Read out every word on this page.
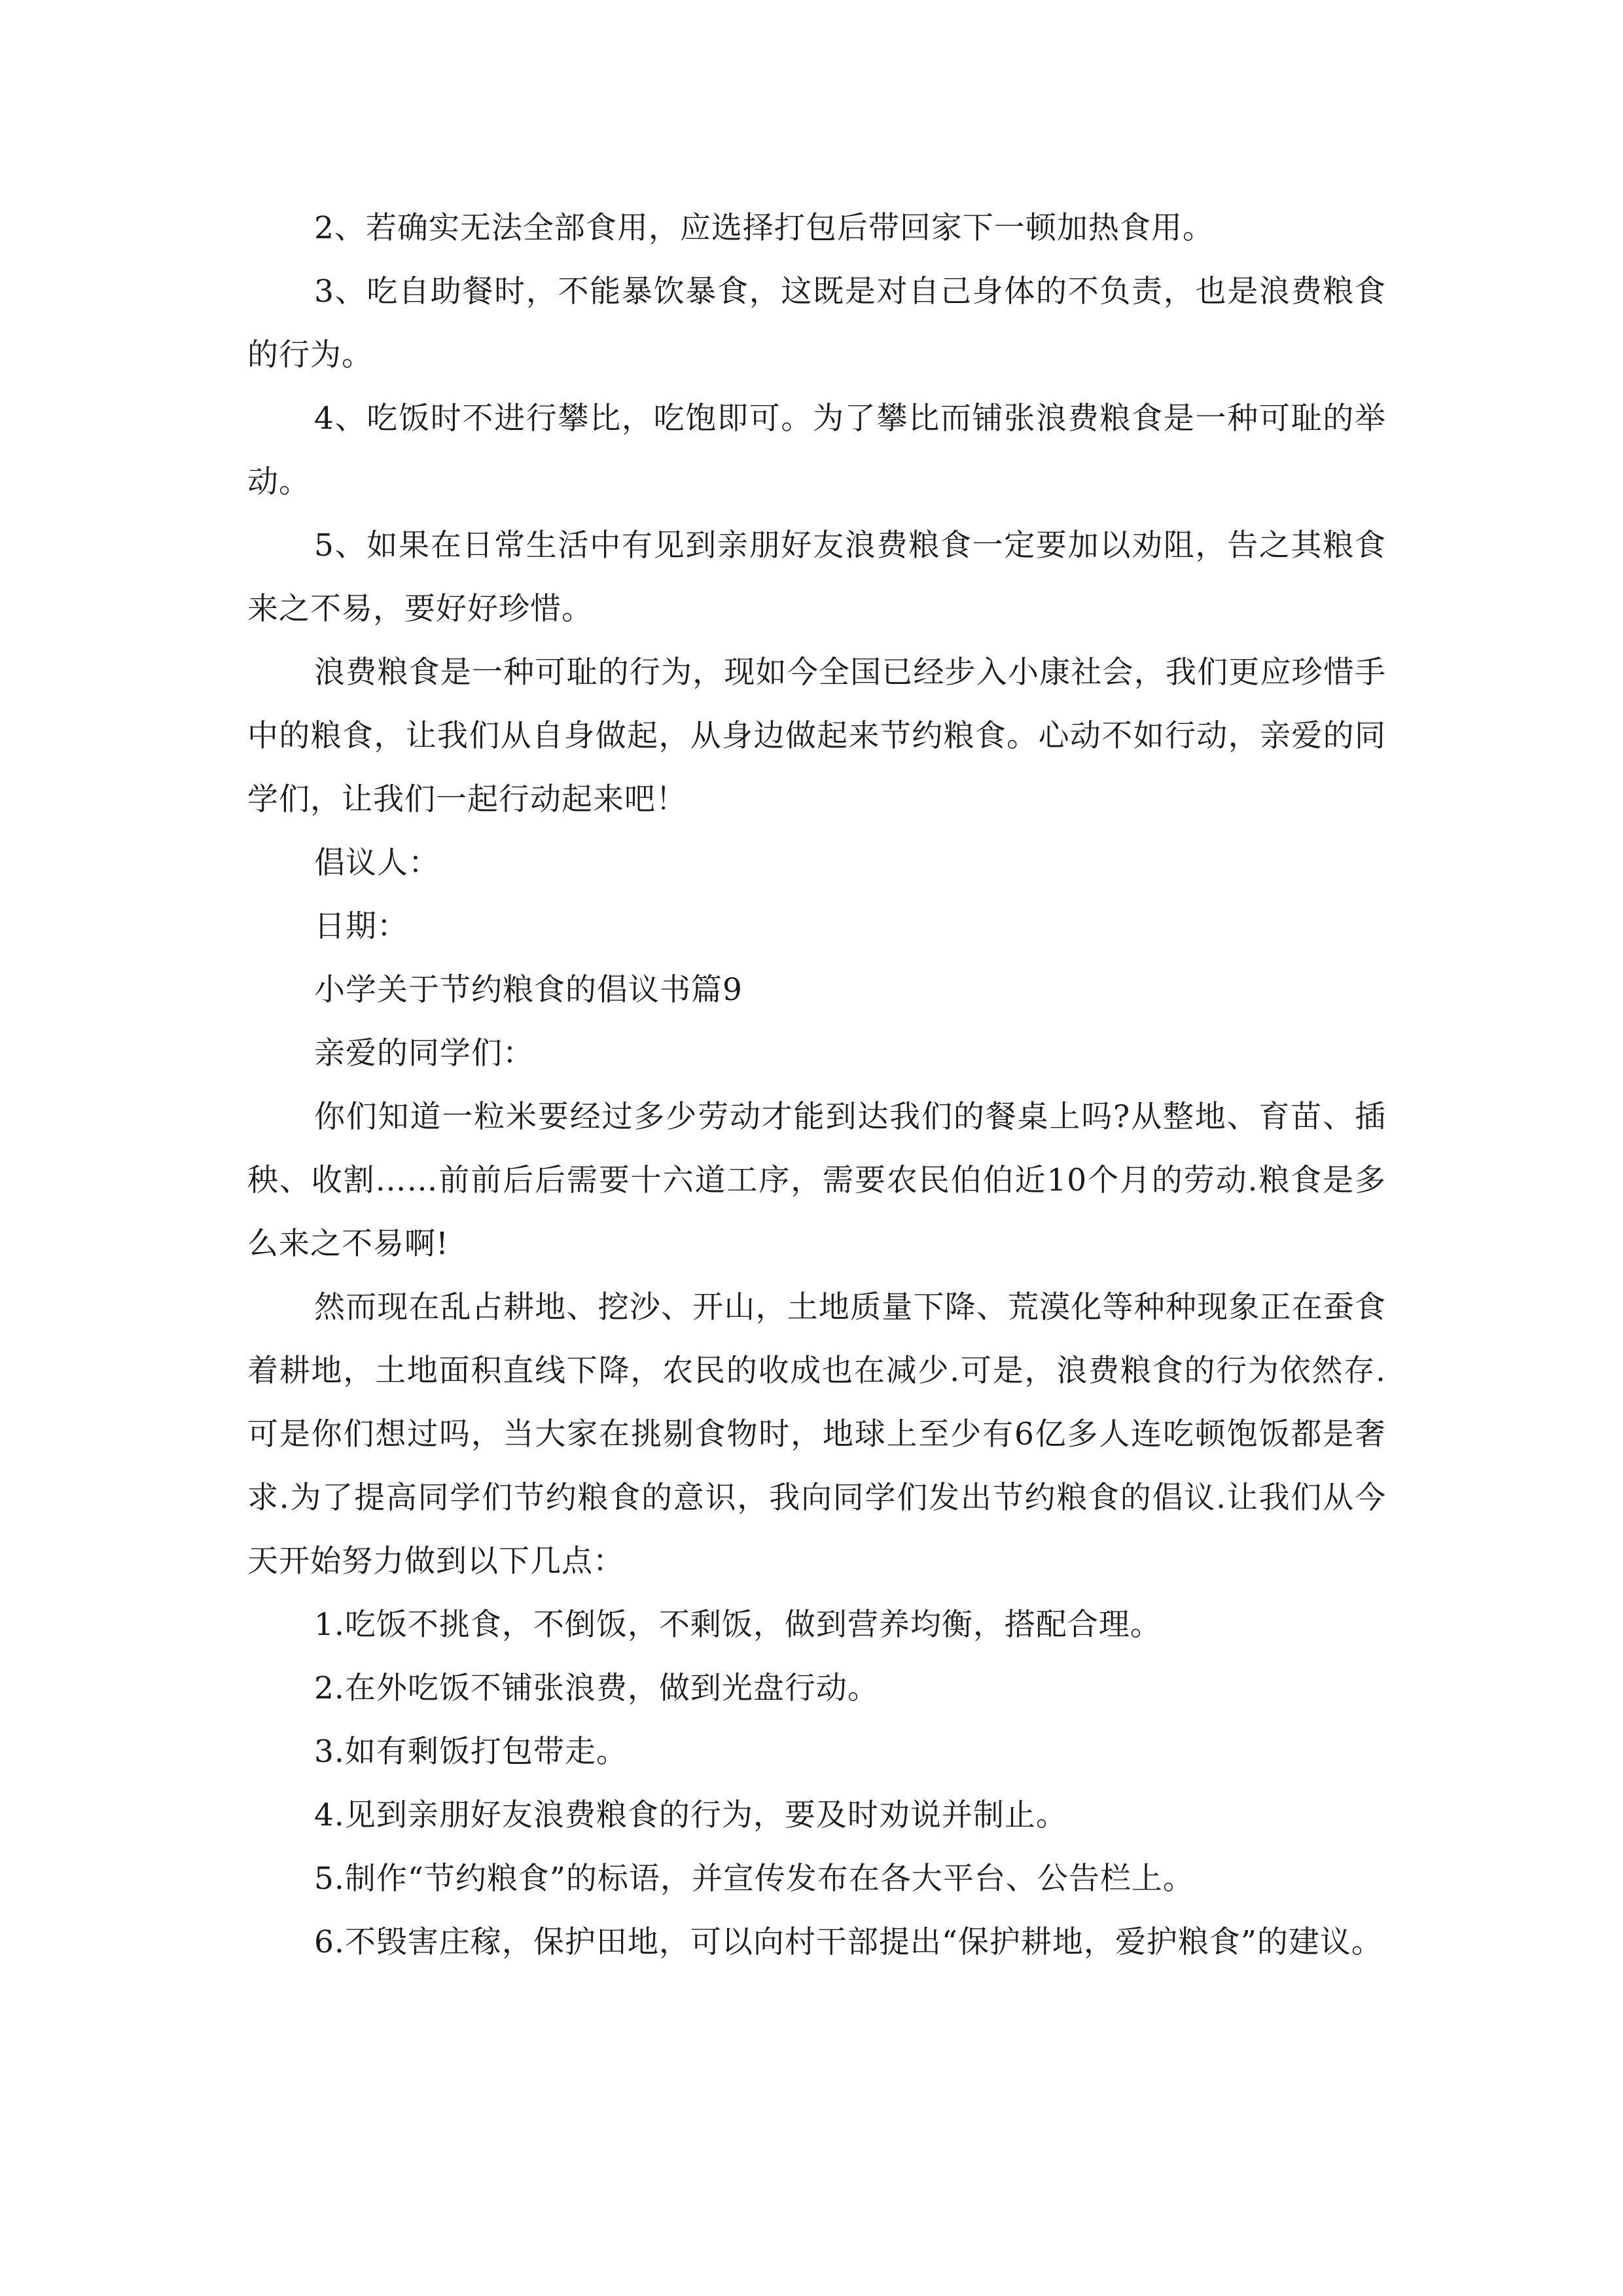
2、若确实无法全部食用，应选择打包后带回家下一顿加热食用。

3、吃自助餐时，不能暴饮暴食，这既是对自己身体的不负责，也是浪费粮食的行为。

4、吃饭时不进行攀比，吃饱即可。为了攀比而铺张浪费粮食是一种可耻的举动。

5、如果在日常生活中有见到亲朋好友浪费粮食一定要加以劝阻，告之其粮食来之不易，要好好珍惜。

浪费粮食是一种可耻的行为，现如今全国已经步入小康社会，我们更应珍惜手中的粮食，让我们从自身做起，从身边做起来节约粮食。心动不如行动，亲爱的同学们，让我们一起行动起来吧！

倡议人：

日期：

小学关于节约粮食的倡议书篇9

亲爱的同学们：

你们知道一粒米要经过多少劳动才能到达我们的餐桌上吗?从整地、育苗、插秧、收割……前前后后需要十六道工序，需要农民伯伯近10个月的劳动.粮食是多么来之不易啊!

然而现在乱占耕地、挖沙、开山，土地质量下降、荒漠化等种种现象正在蚕食着耕地，土地面积直线下降，农民的收成也在减少.可是，浪费粮食的行为依然存.可是你们想过吗，当大家在挑剔食物时，地球上至少有6亿多人连吃顿饱饭都是奢求.为了提高同学们节约粮食的意识，我向同学们发出节约粮食的倡议.让我们从今天开始努力做到以下几点：

1.吃饭不挑食，不倒饭，不剩饭，做到营养均衡，搭配合理。

2.在外吃饭不铺张浪费，做到光盘行动。

3.如有剩饭打包带走。

4.见到亲朋好友浪费粮食的行为，要及时劝说并制止。

5.制作“节约粮食”的标语，并宣传发布在各大平台、公告栏上。

6.不毁害庄稼，保护田地，可以向村干部提出“保护耕地，爱护粮食”的建议。
